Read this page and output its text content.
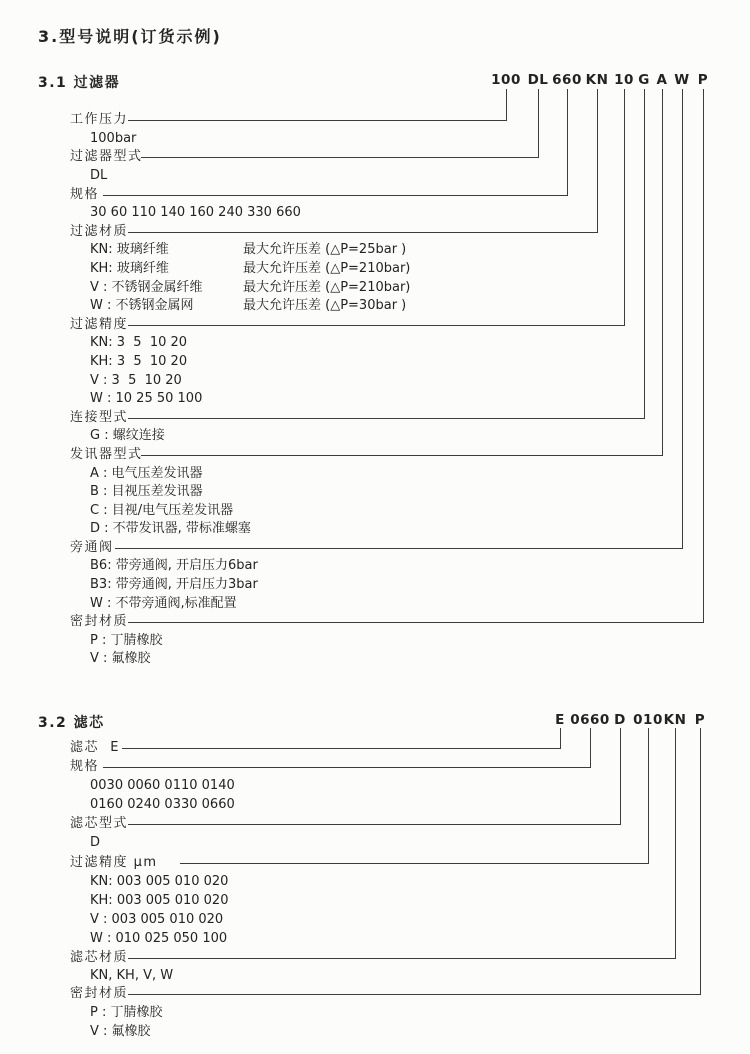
3.型号说明(订货示例)
3.1 过滤器	100 DL 660 KN 10 G A W P
工作压力
100bar
过滤器型式
DL
规格
30 60 110 140 160 240 330 660
过滤材质
KN: 玻璃纤维	最大允许压差 (△P=25bar )
KH: 玻璃纤维	最大允许压差 (△P=210bar)
V : 不锈钢金属纤维	最大允许压差 (△P=210bar)
W : 不锈钢金属网	最大允许压差 (△P=30bar )
过滤精度
KN: 3  5  10 20
KH: 3  5  10 20
V : 3  5  10 20
W : 10 25 50 100
连接型式
G : 螺纹连接
发讯器型式
A : 电气压差发讯器
B : 目视压差发讯器
C : 目视/电气压差发讯器
D : 不带发讯器, 带标准螺塞
旁通阀
B6: 带旁通阀, 开启压力6bar
B3: 带旁通阀, 开启压力3bar
W : 不带旁通阀,标准配置
密封材质
P : 丁腈橡胶
V : 氟橡胶
3.2 滤芯	E 0660 D 010 KN P
滤芯  E
规格
0030 0060 0110 0140
0160 0240 0330 0660
滤芯型式
D
过滤精度 μm
KN: 003 005 010 020
KH: 003 005 010 020
V : 003 005 010 020
W : 010 025 050 100
滤芯材质
KN, KH, V, W
密封材质
P : 丁腈橡胶
V : 氟橡胶
